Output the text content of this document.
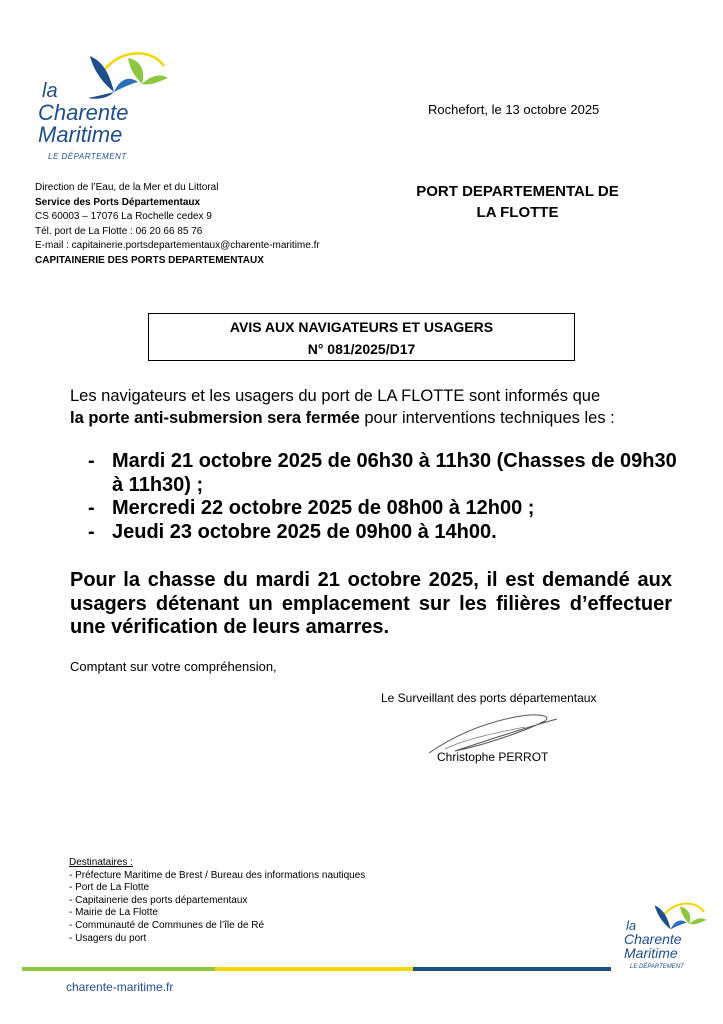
la
Charente
Maritime
LE DÉPARTEMENT
Rochefort, le 13 octobre 2025
Direction de l’Eau, de la Mer et du Littoral
Service des Ports Départementaux
CS 60003 – 17076 La Rochelle cedex 9
Tél. port de La Flotte : 06 20 66 85 76
E-mail : capitainerie.portsdepartementaux@charente-maritime.fr
CAPITAINERIE DES PORTS DEPARTEMENTAUX
PORT DEPARTEMENTAL DE
LA FLOTTE
AVIS AUX NAVIGATEURS ET USAGERS
N° 081/2025/D17
Les navigateurs et les usagers du port de LA FLOTTE sont informés que
la porte anti-submersion sera fermée pour interventions techniques les :
- Mardi 21 octobre 2025 de 06h30 à 11h30 (Chasses de 09h30 à 11h30) ;
- Mercredi 22 octobre 2025 de 08h00 à 12h00 ;
- Jeudi 23 octobre 2025 de 09h00 à 14h00.
Pour la chasse du mardi 21 octobre 2025, il est demandé aux usagers détenant un emplacement sur les filières d’effectuer une vérification de leurs amarres.
Comptant sur votre compréhension,
Le Surveillant des ports départementaux
Christophe PERROT
Destinataires :
- Préfecture Maritime de Brest / Bureau des informations nautiques
- Port de La Flotte
- Capitainerie des ports départementaux
- Mairie de La Flotte
- Communauté de Communes de l’île de Ré
- Usagers du port
la
Charente
Maritime
LE DÉPARTEMENT
charente-maritime.fr
